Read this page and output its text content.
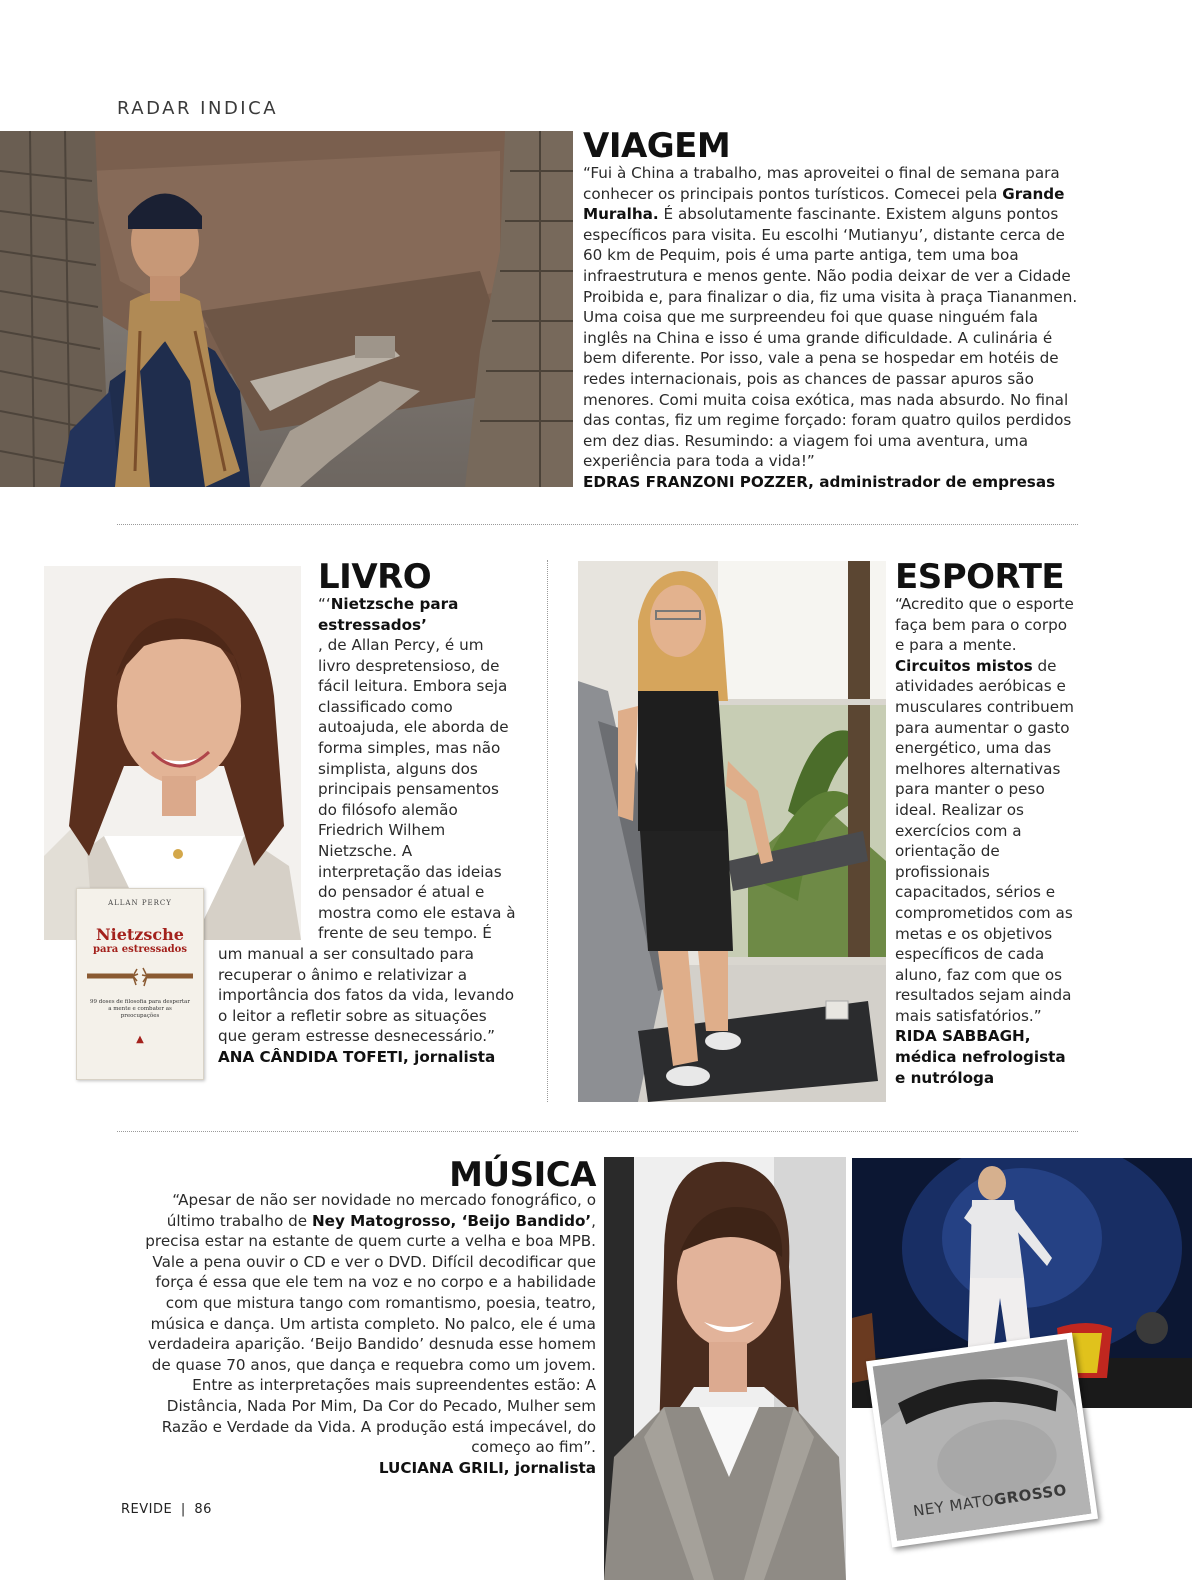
RADAR INDICA
VIAGEM
“Fui à China a trabalho, mas aproveitei o final de semana para conhecer os principais pontos turísticos. Comecei pela Grande Muralha. É absolutamente fascinante. Existem alguns pontos específicos para visita. Eu escolhi ‘Mutianyu’, distante cerca de 60 km de Pequim, pois é uma parte antiga, tem uma boa infraestrutura e menos gente. Não podia deixar de ver a Cidade Proibida e, para finalizar o dia, fiz uma visita à praça Tiananmen. Uma coisa que me surpreendeu foi que quase ninguém fala inglês na China e isso é uma grande dificuldade. A culinária é bem diferente. Por isso, vale a pena se hospedar em hotéis de redes internacionais, pois as chances de passar apuros são menores. Comi muita coisa exótica, mas nada absurdo. No final das contas, fiz um regime forçado: foram quatro quilos perdidos em dez dias. Resumindo: a viagem foi uma aventura, uma experiência para toda a vida!”
EDRAS FRANZONI POZZER, administrador de empresas
ALLAN PERCY
Nietzsche
para estressados
99 doses de filosofia para despertar a mente e combater as preocupações
▲
LIVRO
“‘Nietzsche para estressados’
, de Allan Percy, é um livro despretensioso, de fácil leitura. Embora seja classificado como autoajuda, ele aborda de forma simples, mas não simplista, alguns dos principais pensamentos do filósofo alemão Friedrich Wilhem Nietzsche. A interpretação das ideias do pensador é atual e mostra como ele estava à frente de seu tempo. É um manual a ser consultado para recuperar o ânimo e relativizar a importância dos fatos da vida, levando o leitor a refletir sobre as situações que geram estresse desnecessário.”
ANA CÂNDIDA TOFETI, jornalista
ESPORTE
“Acredito que o esporte faça bem para o corpo e para a mente. Circuitos mistos de atividades aeróbicas e musculares contribuem para aumentar o gasto energético, uma das melhores alternativas para manter o peso ideal. Realizar os exercícios com a orientação de profissionais capacitados, sérios e comprometidos com as metas e os objetivos específicos de cada aluno, faz com que os resultados sejam ainda mais satisfatórios.”
RIDA SABBAGH,
médica nefrologista e nutróloga
MÚSICA
“Apesar de não ser novidade no mercado fonográfico, o último trabalho de Ney Matogrosso, ‘Beijo Bandido’, precisa estar na estante de quem curte a velha e boa MPB. Vale a pena ouvir o CD e ver o DVD. Difícil decodificar que força é essa que ele tem na voz e no corpo e a habilidade com que mistura tango com romantismo, poesia, teatro, música e dança. Um artista completo. No palco, ele é uma verdadeira aparição. ‘Beijo Bandido’ desnuda esse homem de quase 70 anos, que dança e requebra como um jovem. Entre as interpretações mais supreendentes estão: A Distância, Nada Por Mim, Da Cor do Pecado, Mulher sem Razão e Verdade da Vida. A produção está impecável, do começo ao fim”.
LUCIANA GRILI, jornalista
NEY MATOGROSSO
REVIDE | 86
